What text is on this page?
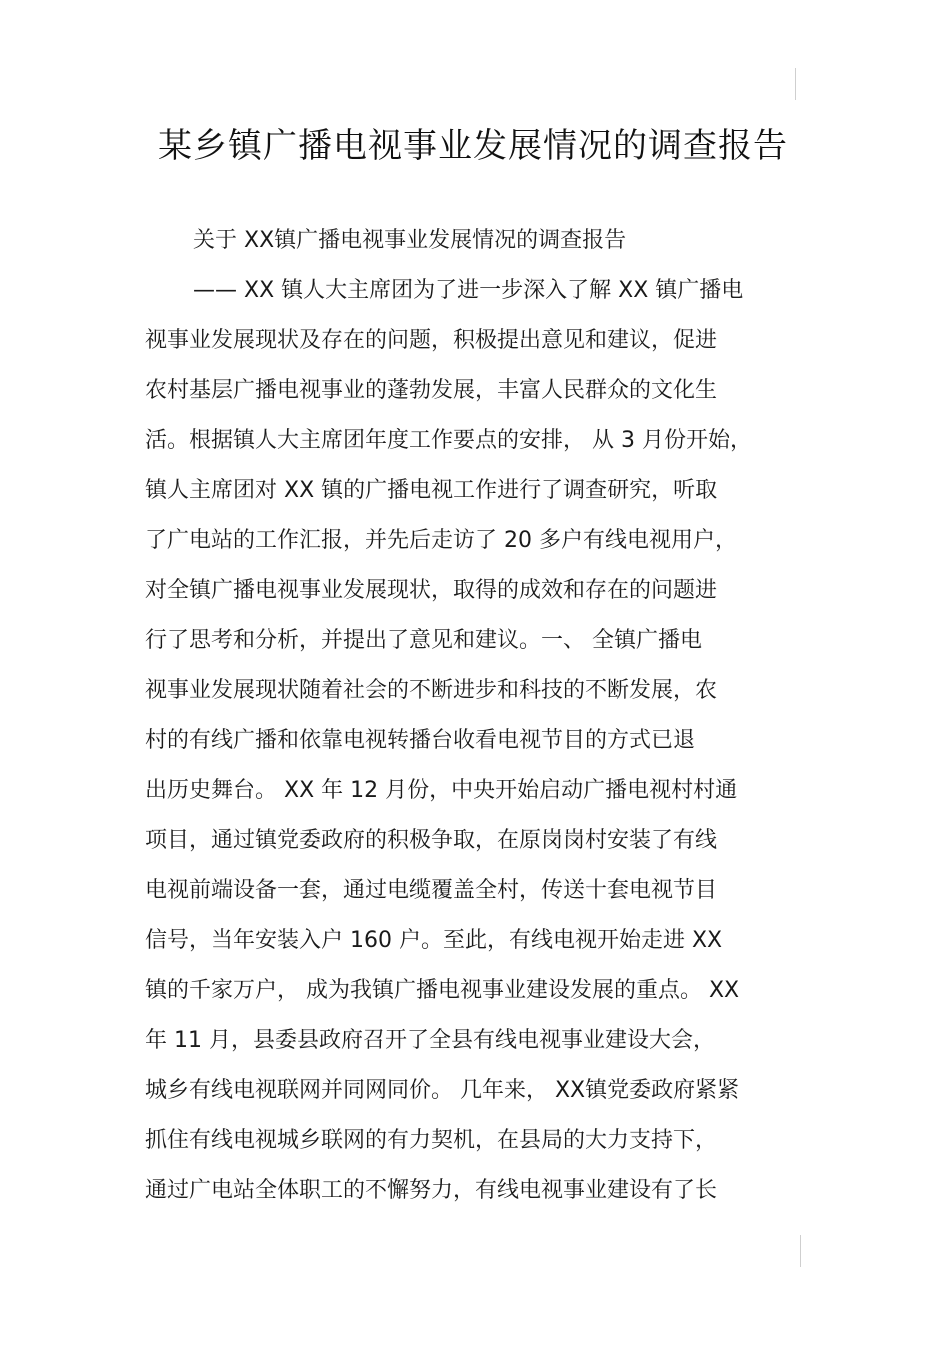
某乡镇广播电视事业发展情况的调查报告
关于 XX镇广播电视事业发展情况的调查报告
—— XX 镇人大主席团为了进一步深入了解 XX 镇广播电
视事业发展现状及存在的问题，积极提出意见和建议，促进
农村基层广播电视事业的蓬勃发展，丰富人民群众的文化生
活。根据镇人大主席团年度工作要点的安排， 从 3 月份开始，
镇人主席团对 XX 镇的广播电视工作进行了调查研究，听取
了广电站的工作汇报，并先后走访了 20 多户有线电视用户，
对全镇广播电视事业发展现状，取得的成效和存在的问题进
行了思考和分析，并提出了意见和建议。一、 全镇广播电
视事业发展现状随着社会的不断进步和科技的不断发展，农
村的有线广播和依靠电视转播台收看电视节目的方式已退
出历史舞台。 XX 年 12 月份，中央开始启动广播电视村村通
项目，通过镇党委政府的积极争取，在原岗岗村安装了有线
电视前端设备一套，通过电缆覆盖全村，传送十套电视节目
信号，当年安装入户 160 户。至此，有线电视开始走进 XX
镇的千家万户， 成为我镇广播电视事业建设发展的重点。 XX
年 11 月，县委县政府召开了全县有线电视事业建设大会，
城乡有线电视联网并同网同价。 几年来， XX镇党委政府紧紧
抓住有线电视城乡联网的有力契机，在县局的大力支持下，
通过广电站全体职工的不懈努力，有线电视事业建设有了长
